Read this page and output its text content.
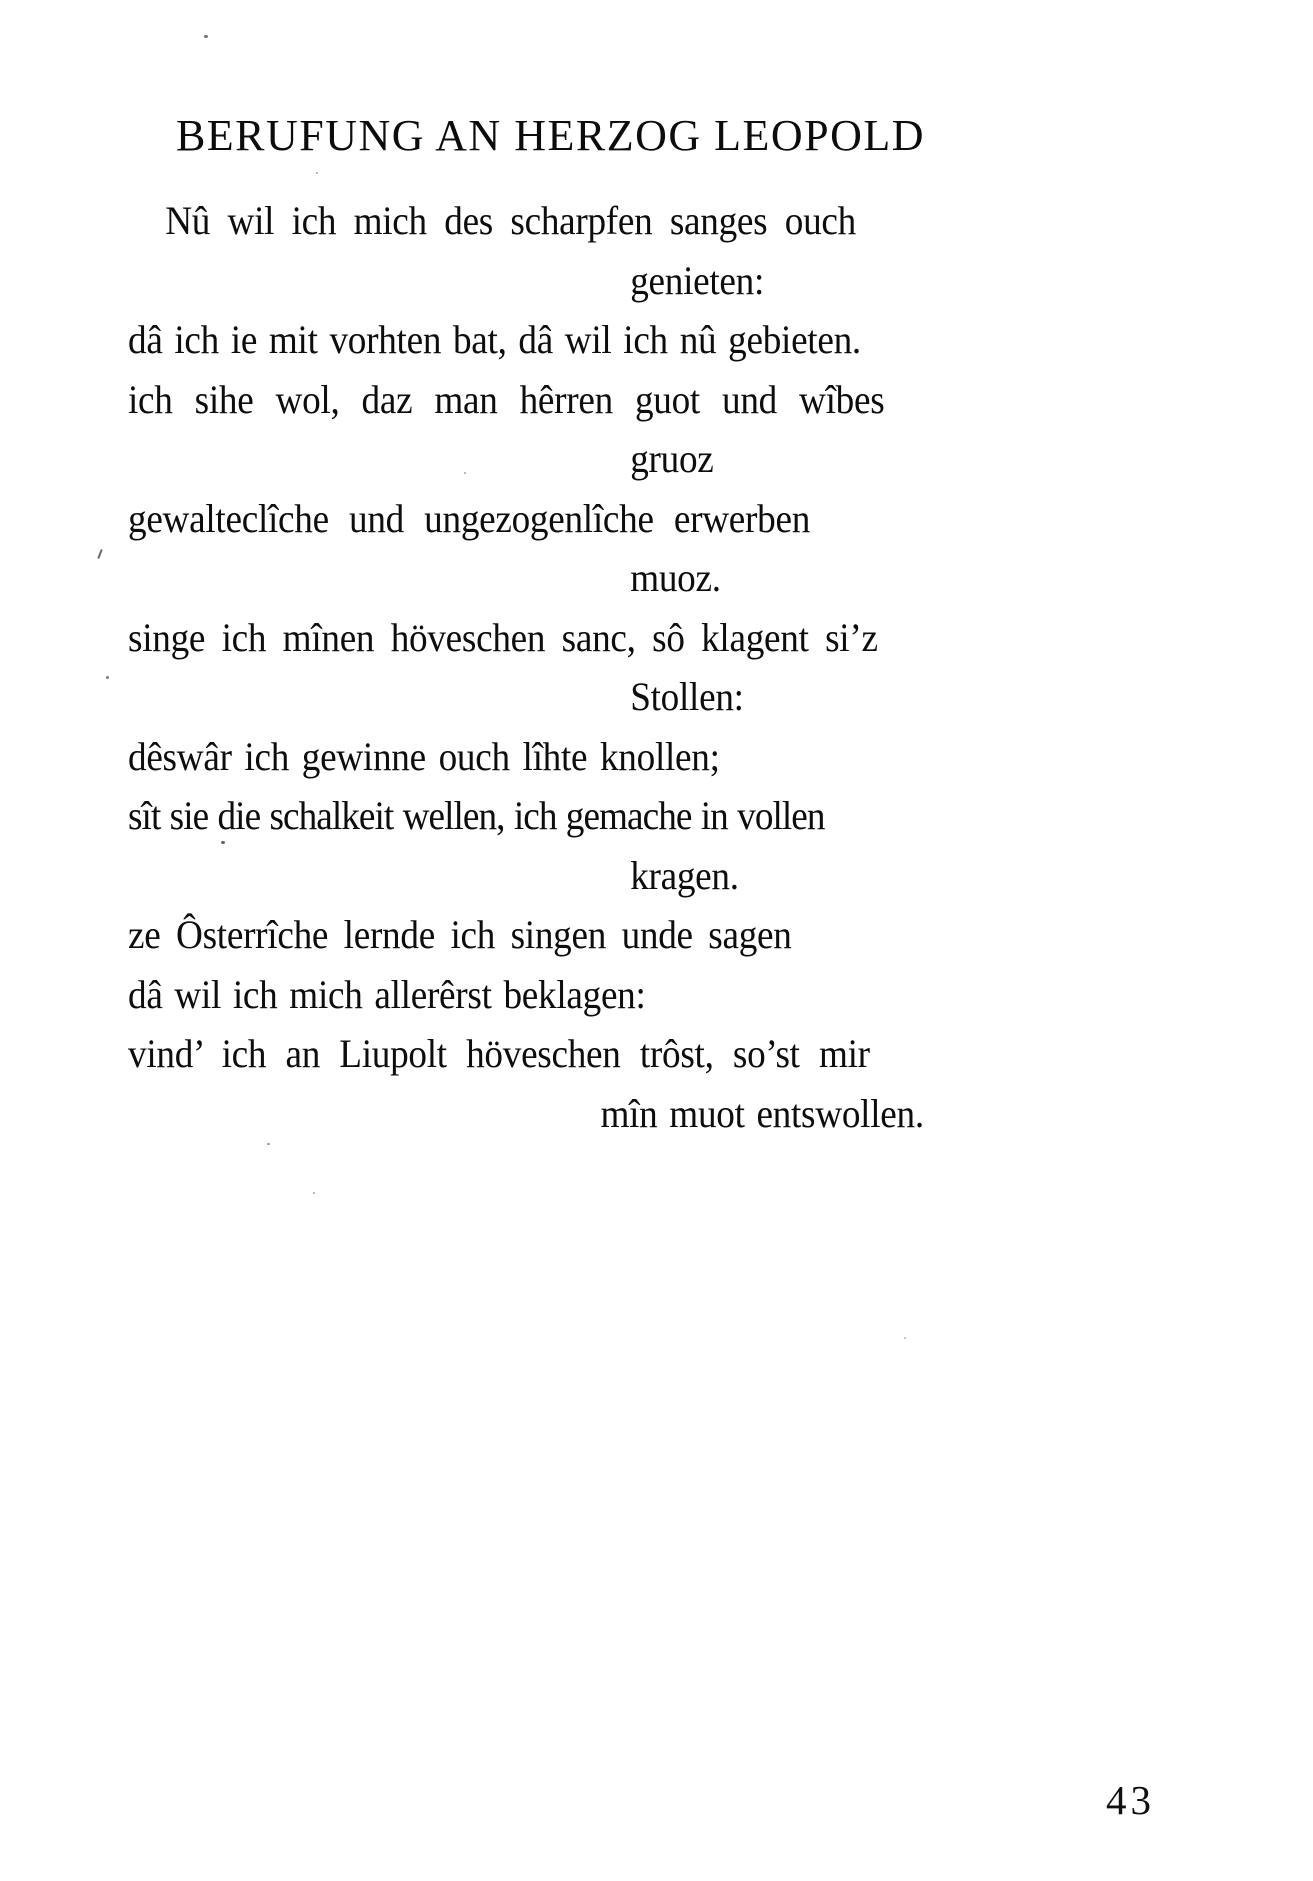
BERUFUNG AN HERZOG LEOPOLD
Nû wil ich mich des scharpfen sanges ouch
genieten:
dâ ich ie mit vorhten bat, dâ wil ich nû gebieten.
ich sihe wol, daz man hêrren guot und wîbes
gruoz
gewalteclîche und ungezogenlîche erwerben
muoz.
singe ich mînen höveschen sanc, sô klagent si’z
Stollen:
dêswâr ich gewinne ouch lîhte knollen;
sît sie die schalkeit wellen, ich gemache in vollen
kragen.
ze Ôsterrîche lernde ich singen unde sagen
dâ wil ich mich allerêrst beklagen:
vind’ ich an Liupolt höveschen trôst, so’st mir
mîn muot entswollen.
43
